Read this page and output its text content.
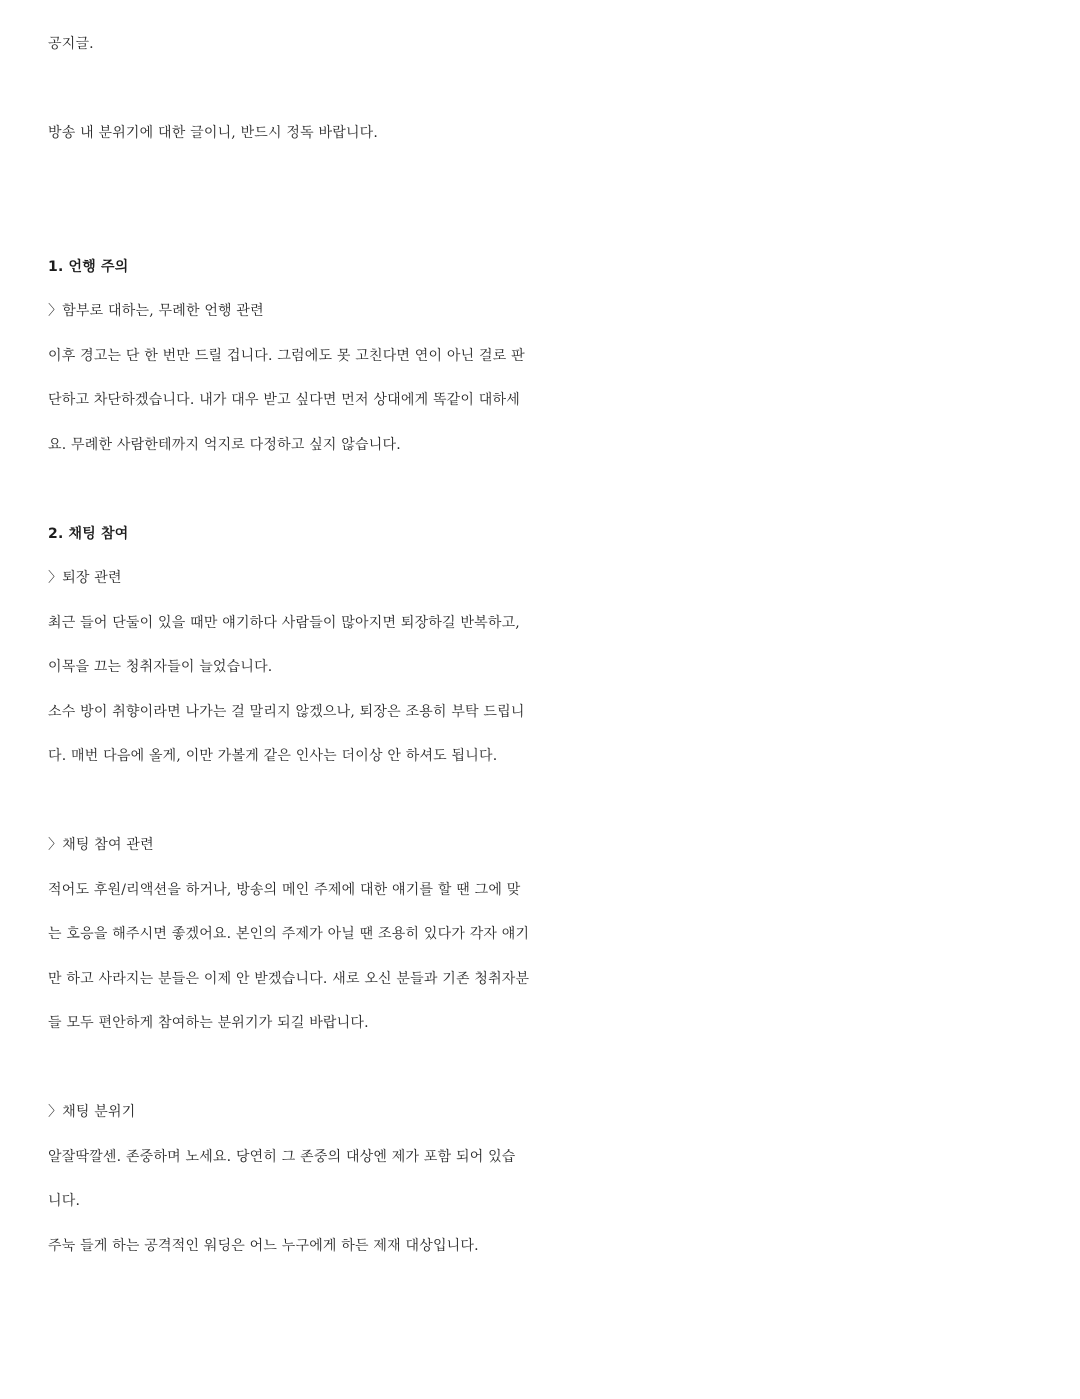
공지글.
방송 내 분위기에 대한 글이니, 반드시 정독 바랍니다.
1. 언행 주의
〉함부로 대하는, 무례한 언행 관련
이후 경고는 단 한 번만 드릴 겁니다. 그럼에도 못 고친다면 연이 아닌 걸로 판
단하고 차단하겠습니다. 내가 대우 받고 싶다면 먼저 상대에게 똑같이 대하세
요. 무례한 사람한테까지 억지로 다정하고 싶지 않습니다.
2. 채팅 참여
〉퇴장 관련
최근 들어 단둘이 있을 때만 얘기하다 사람들이 많아지면 퇴장하길 반복하고,
이목을 끄는 청취자들이 늘었습니다.
소수 방이 취향이라면 나가는 걸 말리지 않겠으나, 퇴장은 조용히 부탁 드립니
다. 매번 다음에 올게, 이만 가볼게 같은 인사는 더이상 안 하셔도 됩니다.
〉채팅 참여 관련
적어도 후원/리액션을 하거나, 방송의 메인 주제에 대한 얘기를 할 땐 그에 맞
는 호응을 해주시면 좋겠어요. 본인의 주제가 아닐 땐 조용히 있다가 각자 얘기
만 하고 사라지는 분들은 이제 안 받겠습니다. 새로 오신 분들과 기존 청취자분
들 모두 편안하게 참여하는 분위기가 되길 바랍니다.
〉채팅 분위기
알잘딱깔센. 존중하며 노세요. 당연히 그 존중의 대상엔 제가 포함 되어 있습
니다.
주눅 들게 하는 공격적인 워딩은 어느 누구에게 하든 제재 대상입니다.
